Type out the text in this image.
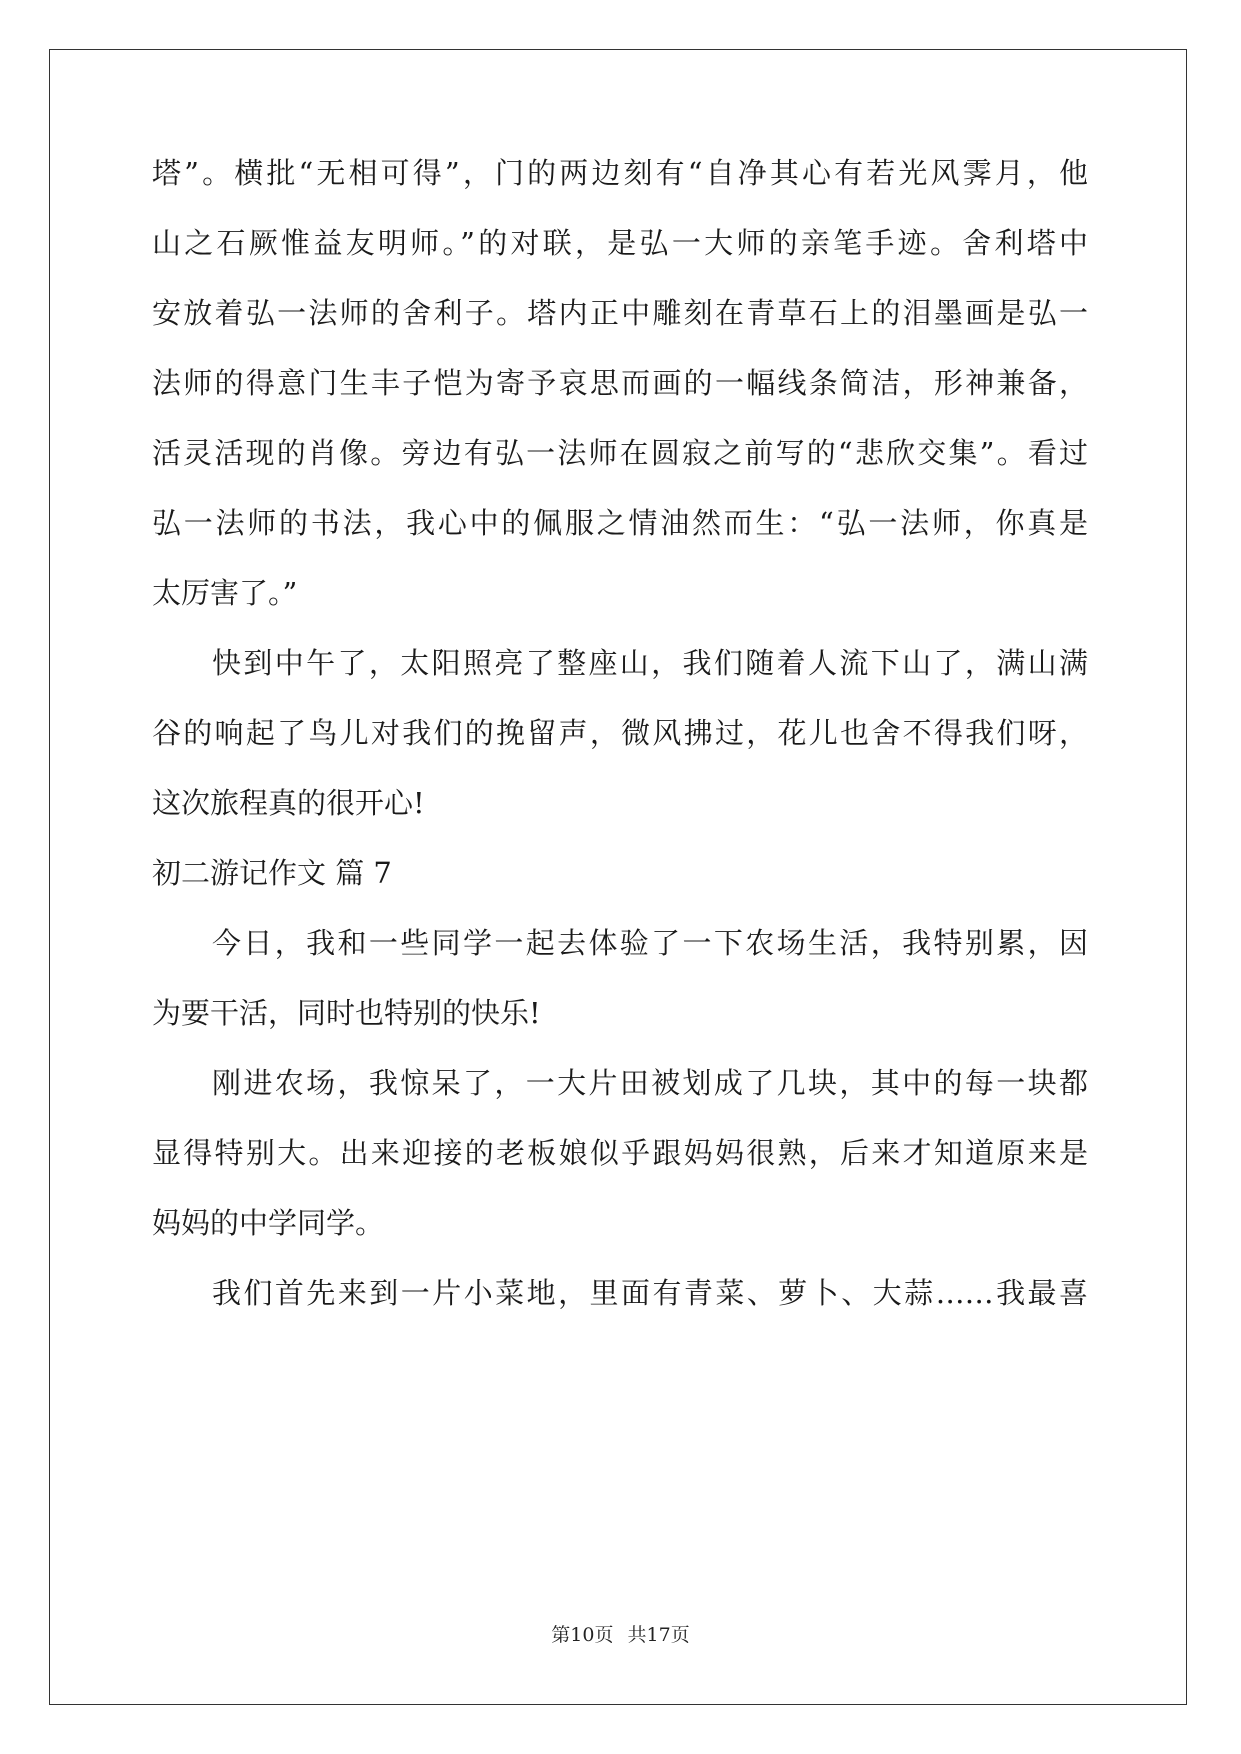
塔”。横批“无相可得”，门的两边刻有“自净其心有若光风霁月，他
山之石厥惟益友明师。”的对联，是弘一大师的亲笔手迹。舍利塔中
安放着弘一法师的舍利子。塔内正中雕刻在青草石上的泪墨画是弘一
法师的得意门生丰子恺为寄予哀思而画的一幅线条简洁，形神兼备，
活灵活现的肖像。旁边有弘一法师在圆寂之前写的“悲欣交集”。看过
弘一法师的书法，我心中的佩服之情油然而生：“弘一法师，你真是
太厉害了。”
快到中午了，太阳照亮了整座山，我们随着人流下山了，满山满
谷的响起了鸟儿对我们的挽留声，微风拂过，花儿也舍不得我们呀，
这次旅程真的很开心!
初二游记作文 篇 7
今日，我和一些同学一起去体验了一下农场生活，我特别累，因
为要干活，同时也特别的快乐!
刚进农场，我惊呆了，一大片田被划成了几块，其中的每一块都
显得特别大。出来迎接的老板娘似乎跟妈妈很熟，后来才知道原来是
妈妈的中学同学。
我们首先来到一片小菜地，里面有青菜、萝卜、大蒜……我最喜
第10页 共17页
